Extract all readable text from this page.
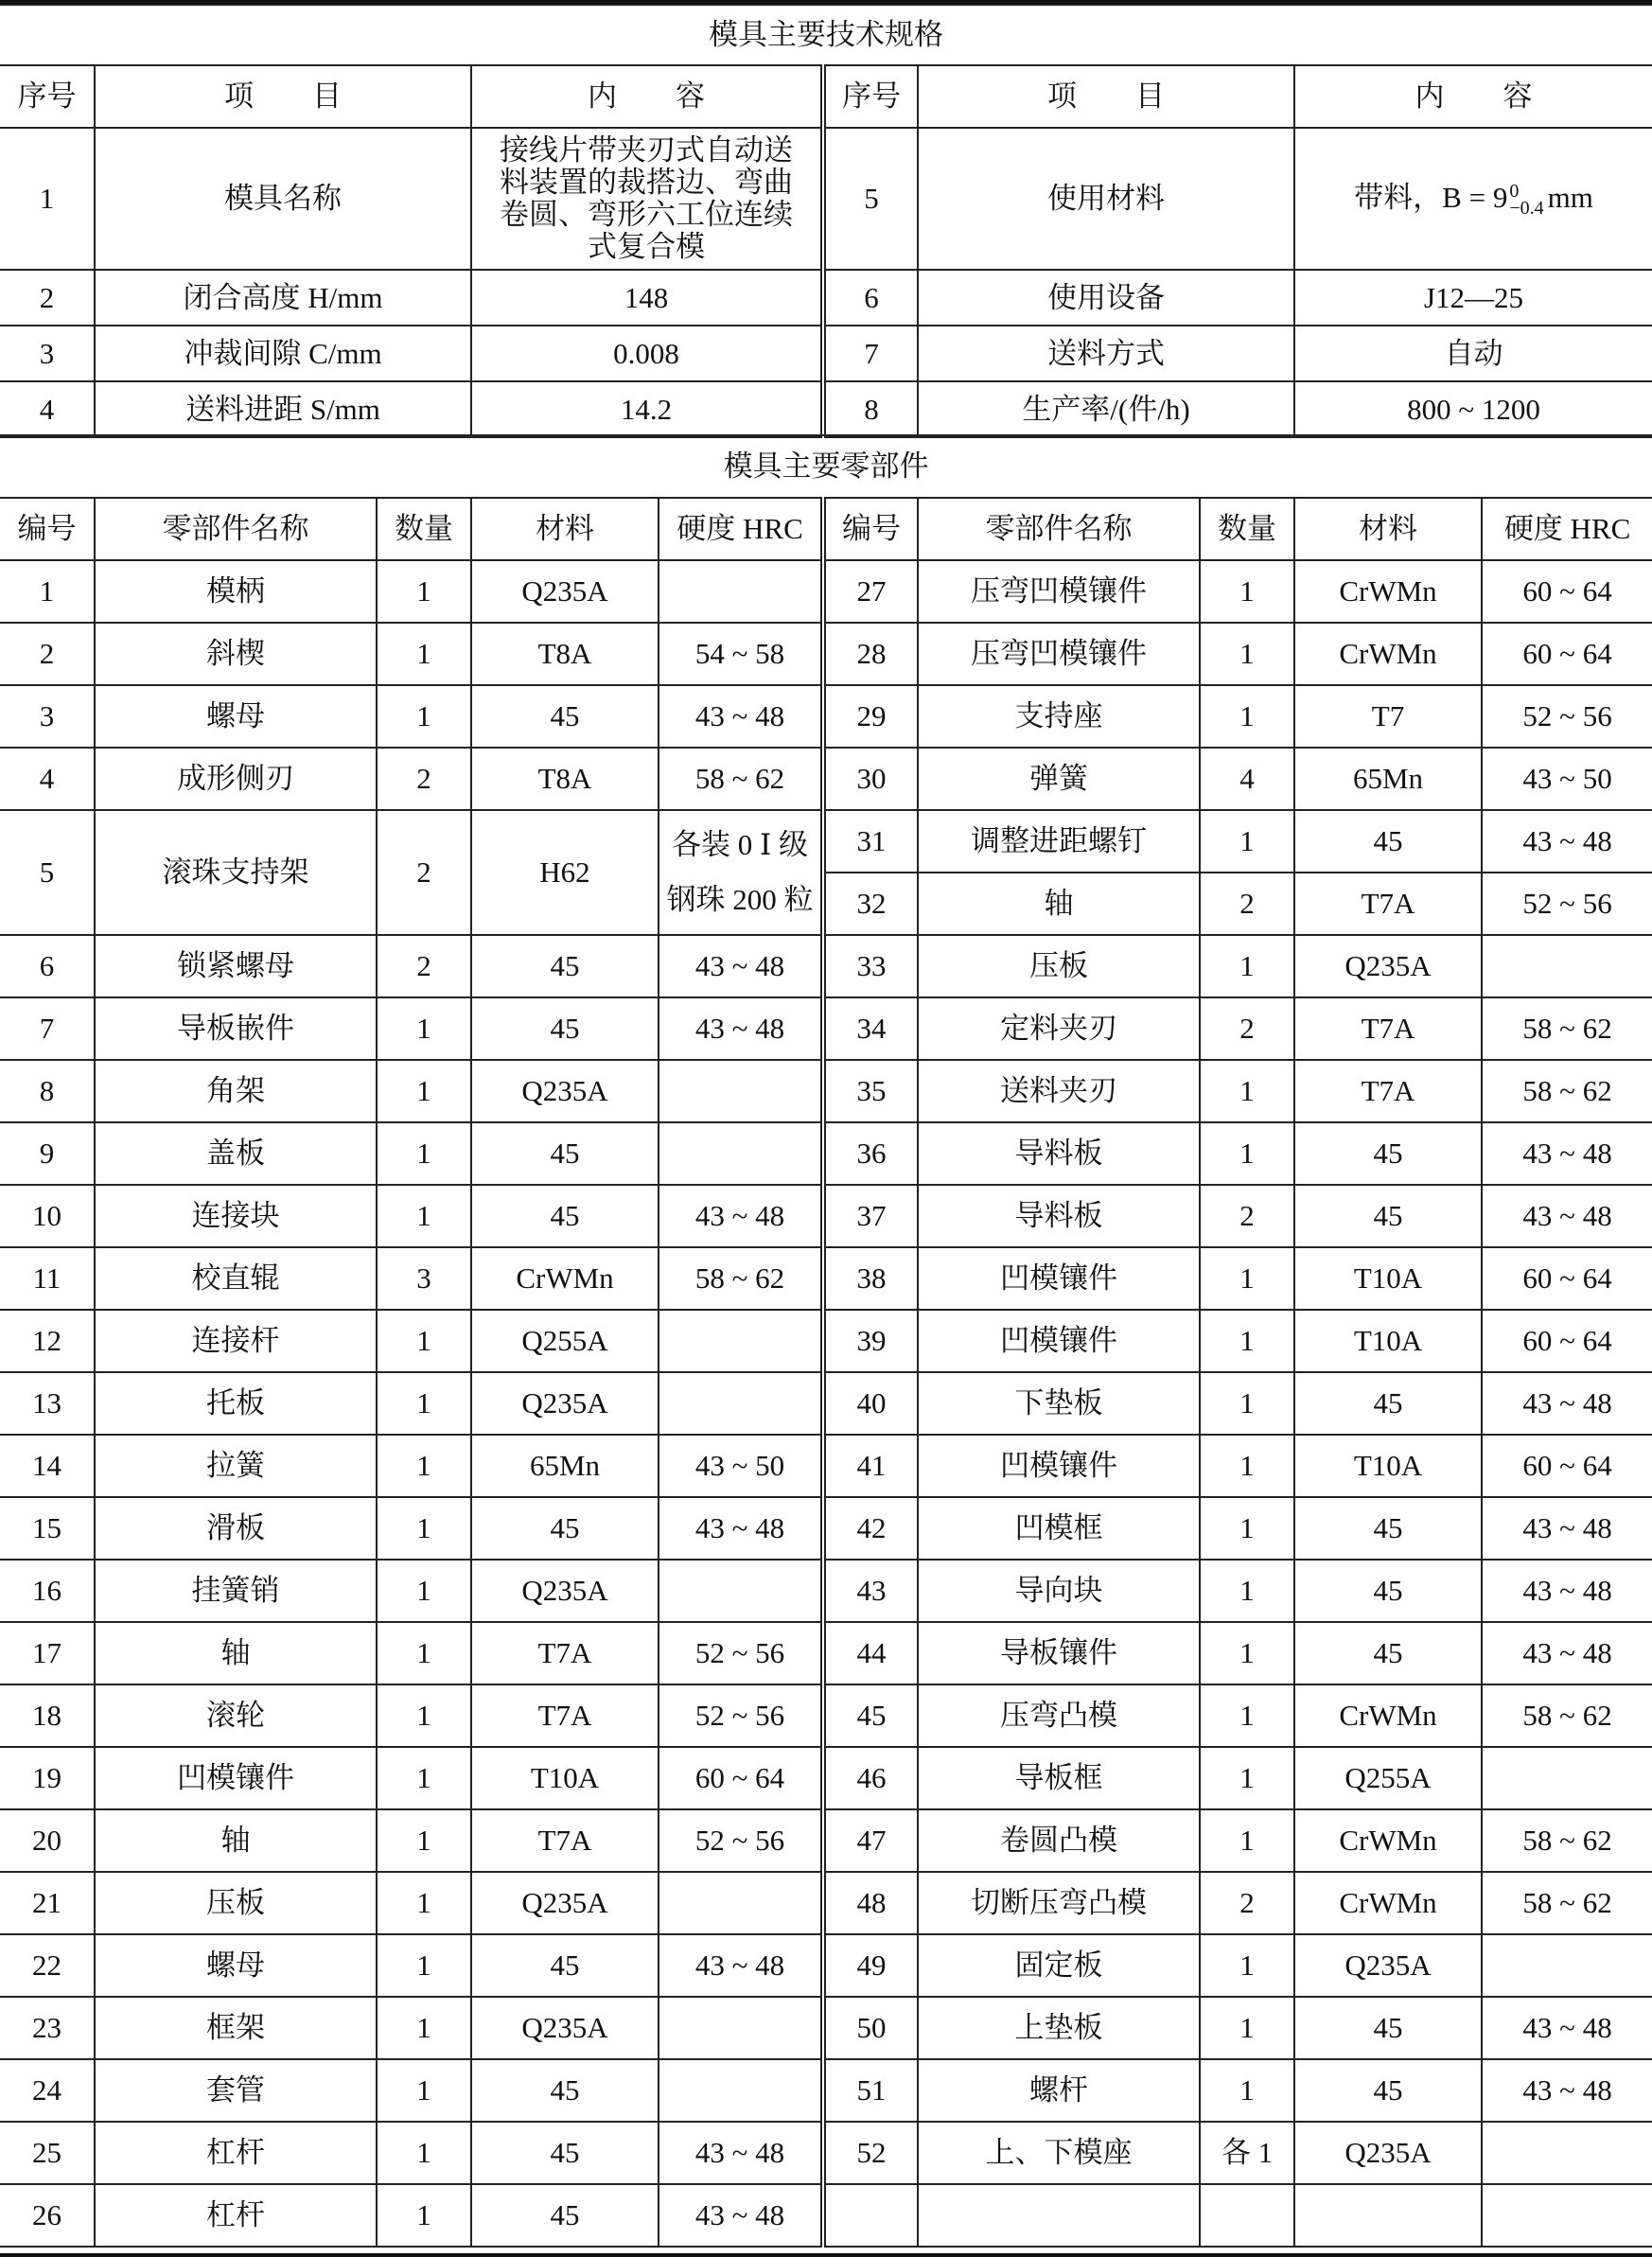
模具主要技术规格					
序号	项　　目	内　　容	序号	项　　目	内　　容
1	模具名称	接线片带夹刃式自动送料装置的裁搭边、弯曲卷圆、弯形六工位连续式复合模	5	使用材料	带料，B = 9 0
−0.4 mm
2	闭合高度 H/mm	148	6	使用设备	J12—25
3	冲裁间隙 C/mm	0.008	7	送料方式	自动
4	送料进距 S/mm	14.2	8	生产率/(件/h)	800 ~ 1200
模具主要零部件									
编号	零部件名称	数量	材料	硬度 HRC	编号	零部件名称	数量	材料	硬度 HRC
1	模柄	1	Q235A		27	压弯凹模镶件	1	CrWMn	60 ~ 64
2	斜楔	1	T8A	54 ~ 58	28	压弯凹模镶件	1	CrWMn	60 ~ 64
3	螺母	1	45	43 ~ 48	29	支持座	1	T7	52 ~ 56
4	成形侧刃	2	T8A	58 ~ 62	30	弹簧	4	65Mn	43 ~ 50
5	滚珠支持架	2	H62	各装 0 Ⅰ 级钢珠 200 粒	31	调整进距螺钉	1	45	43 ~ 48
					32	轴	2	T7A	52 ~ 56
6	锁紧螺母	2	45	43 ~ 48	33	压板	1	Q235A	
7	导板嵌件	1	45	43 ~ 48	34	定料夹刃	2	T7A	58 ~ 62
8	角架	1	Q235A		35	送料夹刃	1	T7A	58 ~ 62
9	盖板	1	45		36	导料板	1	45	43 ~ 48
10	连接块	1	45	43 ~ 48	37	导料板	2	45	43 ~ 48
11	校直辊	3	CrWMn	58 ~ 62	38	凹模镶件	1	T10A	60 ~ 64
12	连接杆	1	Q255A		39	凹模镶件	1	T10A	60 ~ 64
13	托板	1	Q235A		40	下垫板	1	45	43 ~ 48
14	拉簧	1	65Mn	43 ~ 50	41	凹模镶件	1	T10A	60 ~ 64
15	滑板	1	45	43 ~ 48	42	凹模框	1	45	43 ~ 48
16	挂簧销	1	Q235A		43	导向块	1	45	43 ~ 48
17	轴	1	T7A	52 ~ 56	44	导板镶件	1	45	43 ~ 48
18	滚轮	1	T7A	52 ~ 56	45	压弯凸模	1	CrWMn	58 ~ 62
19	凹模镶件	1	T10A	60 ~ 64	46	导板框	1	Q255A	
20	轴	1	T7A	52 ~ 56	47	卷圆凸模	1	CrWMn	58 ~ 62
21	压板	1	Q235A		48	切断压弯凸模	2	CrWMn	58 ~ 62
22	螺母	1	45	43 ~ 48	49	固定板	1	Q235A	
23	框架	1	Q235A		50	上垫板	1	45	43 ~ 48
24	套管	1	45		51	螺杆	1	45	43 ~ 48
25	杠杆	1	45	43 ~ 48	52	上、下模座	各 1	Q235A	
26	杠杆	1	45	43 ~ 48					
